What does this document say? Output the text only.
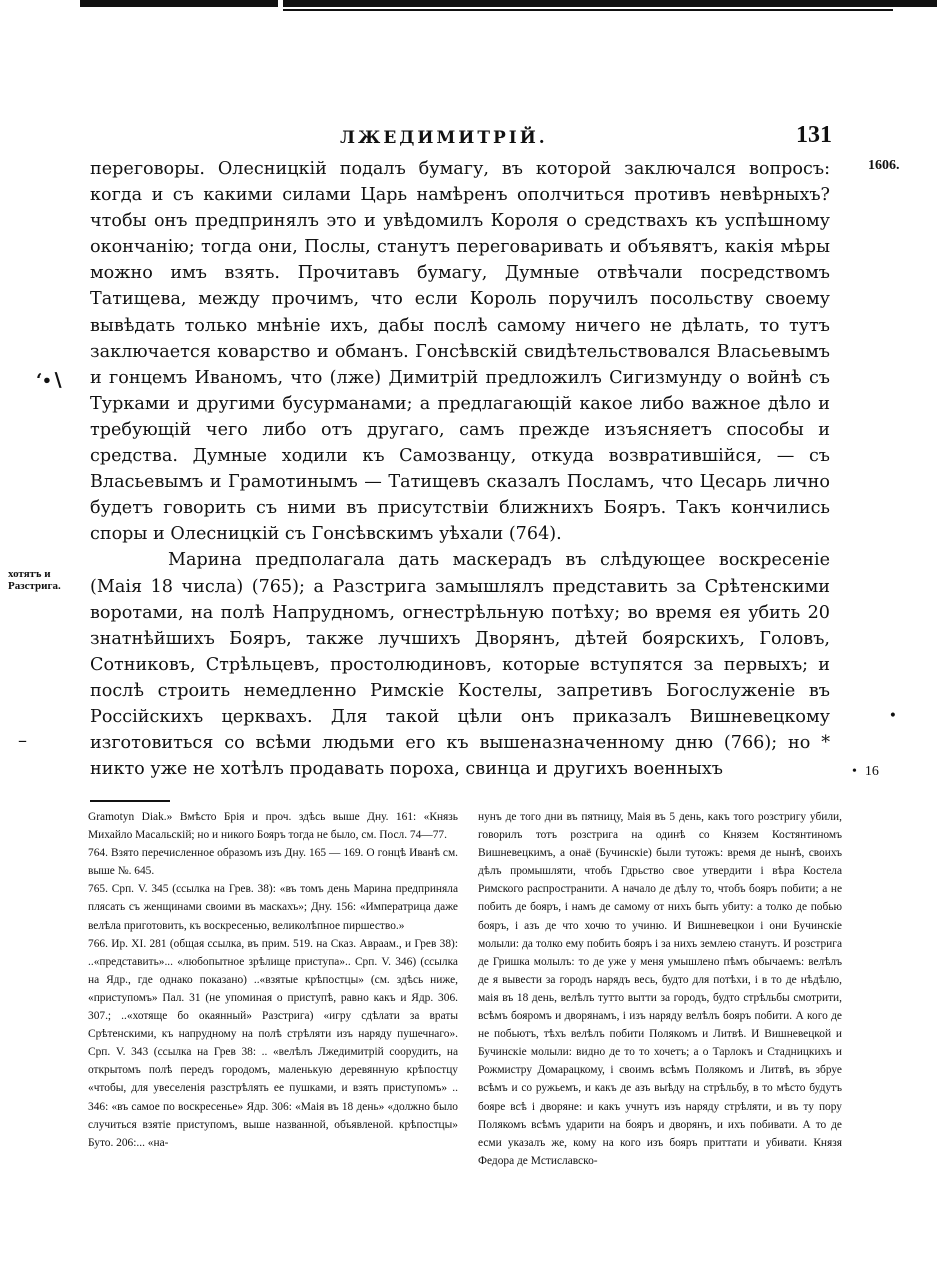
ЛЖЕДИМИТРІЙ.	131
1606.

переговоры. Олесницкій подалъ бумагу, въ которой заключался вопросъ: когда и съ какими силами Царь намѣренъ ополчиться противъ невѣрныхъ? чтобы онъ предпринялъ это и увѣдомилъ Короля о средствахъ къ успѣшному окончанію; тогда они, Послы, станутъ переговаривать и объявятъ, какія мѣры можно имъ взять. Прочитавъ бумагу, Думные отвѣчали посредствомъ Татищева, между прочимъ, что если Король поручилъ посольству своему вывѣдать только мнѣніе ихъ, дабы послѣ самому ничего не дѣлать, то тутъ заключается коварство и обманъ. Гонсѣвскій свидѣтельствовался Власьевымъ и гонцемъ Иваномъ, что (лже) Димитрій предложилъ Сигизмунду о войнѣ съ Турками и другими бусурманами; а предлагающій какое либо важное дѣло и требующій чего либо отъ другаго, самъ прежде изъясняетъ способы и средства. Думные ходили къ Самозванцу, откуда возвратившійся, — съ Власьевымъ и Грамотинымъ — Татищевъ сказалъ Посламъ, что Цесарь лично будетъ говорить съ ними въ присутствіи ближнихъ Бояръ. Такъ кончились споры и Олесницкій съ Гонсѣвскимъ уѣхали (764).

Марина предполагала дать маскерадъ въ слѣдующее воскресеніе (Маія 18 числа) (765); а Разстрига замышлялъ представить за Срѣтенскими воротами, на полѣ Напрудномъ, огнестрѣльную потѣху; во время ея убить 20 знатнѣйшихъ Бояръ, также лучшихъ Дворянъ, дѣтей боярскихъ, Головъ, Сотниковъ, Стрѣльцевъ, простолюдиновъ, которые вступятся за первыхъ; и послѣ строить немедленно Римскіе Костелы, запретивъ Богослуженіе въ Россійскихъ церквахъ. Для такой цѣли онъ приказалъ Вишневецкому изготовиться со всѣми людьми его къ вышеназначенному дню (766); но * никто уже не хотѣлъ продавать пороха, свинца и другихъ военныхъ

‘∙∖
–
хотятъ и Разстрига.
•
• 16

Gramotyn Diak.» Вмѣсто Брія и проч. здѣсь выше Дну. 161: «Князь Михайло Масальскій; но и никого Бояръ тогда не было, см. Посл. 74—77.

764. Взято перечисленное образомъ изъ Дну. 165 — 169. О гонцѣ Иванѣ см. выше №. 645.

765. Срп. V. 345 (ссылка на Грев. 38): «въ томъ день Марина предприняла плясать съ женщинами своими въ маскахъ»; Дну. 156: «Императрица даже велѣла приготовить, къ воскресенью, великолѣпное пиршество.»

766. Ир. XI. 281 (общая ссылка, въ прим. 519. на Сказ. Авраам., и Грев 38): ..«представить»... «любопытное зрѣлище приступа».. Срп. V. 346) (ссылка на Ядр., где однако показано) ..«взятые крѣпостцы» (см. здѣсь ниже, «приступомъ» Пал. 31 (не упоминая о приступѣ, равно какъ и Ядр. 306. 307.; ..«хотяще бо окаянный» Разстрига) «игру сдѣлати за враты Срѣтенскими, къ напрудному на полѣ стрѣляти изъ наряду пушечнаго». Срп. V. 343 (ссылка на Грев 38: .. «велѣлъ Лжедимитрій соорудить, на открытомъ полѣ передъ городомъ, маленькую деревянную крѣпостцу «чтобы, для увеселенія разстрѣлять ее пушками, и взять приступомъ» .. 346: «въ самое по воскресенье» Ядр. 306: «Маія въ 18 день» «должно было случиться взятіе приступомъ, выше названной, объявленой. крѣпостцы» Буто. 206:... «на-

нунъ де того дни въ пятницу, Маія въ 5 день, какъ того розстригу убили, говорилъ тотъ розстрига на одинѣ со Князем Костянтиномъ Вишневецкимъ, а онаё (Бучинскіе) были тутожъ: время де нынѣ, своихъ дѣлъ промышляти, чтобъ Гдрьство свое утвердити і вѣра Костела Римского распространити. А начало де дѣлу то, чтобъ бояръ побити; а не побить де бояръ, і намъ де самому от нихъ быть убиту: а толко де побью бояръ, і азъ де что хочю то учиню. И Вишневецкои і они Бучинскіе молыли: да толко ему побить бояръ і за нихъ землею станутъ. И розстрига де Гришка молылъ: то де уже у меня умышлено пѣмъ обычаемъ: велѣлъ де я вывести за городъ нарядъ весь, будто для потѣхи, і в то де нѣдѣлю, маія въ 18 день, велѣлъ тутто вытти за городъ, будто стрѣльбы смотрити, всѣмъ бояромъ и дворянамъ, і изъ наряду велѣлъ бояръ побити. А кого де не побьютъ, тѣхъ велѣлъ побити Полякомъ и Литвѣ. И Вишневецкой и Бучинскіе молыли: видно де то то хочетъ; а о Тарлокъ и Стадницкихъ и Рожмистру Домарацкому, і своимъ всѣмъ Полякомъ и Литвѣ, въ збруе всѣмъ и со ружьемъ, и какъ де азъ выѣду на стрѣльбу, в то мѣсто будутъ бояре всѣ і дворяне: и какъ учнутъ изъ наряду стрѣляти, и въ ту пору Полякомъ всѣмъ ударити на бояръ и дворянъ, и ихъ побивати. А то де есми указалъ же, кому на кого изъ бояръ приттати и убивати. Князя Федора де Мстиславско-
